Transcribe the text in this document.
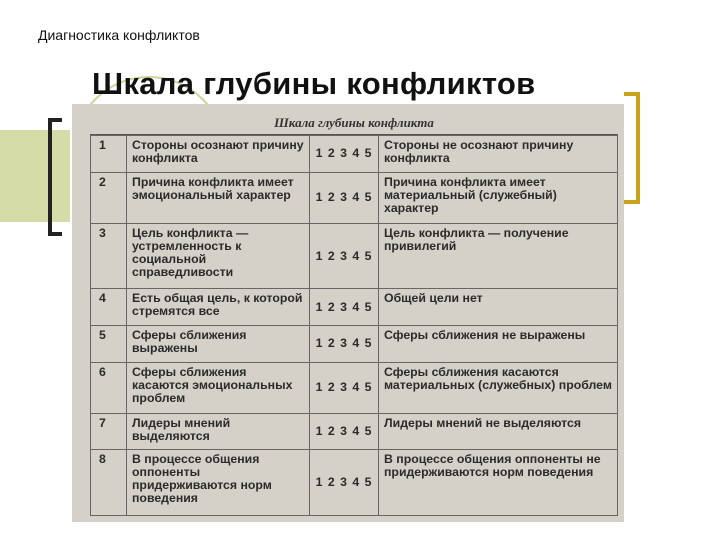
Диагностика конфликтов
Шкала глубины конфликтов
Шкала глубины конфликта
1	Стороны осознают причину конфликта	1 2 3 4 5	Стороны не осознают причину конфликта
2	Причина конфликта имеет эмоциональный характер	1 2 3 4 5	Причина конфликта имеет материальный (служебный) характер
3	Цель конфликта — устремленность к социальной справедливости	1 2 3 4 5	Цель конфликта — получение привилегий
4	Есть общая цель, к которой стремятся все	1 2 3 4 5	Общей цели нет
5	Сферы сближения выражены	1 2 3 4 5	Сферы сближения не выражены
6	Сферы сближения касаются эмоциональных проблем	1 2 3 4 5	Сферы сближения касаются материальных (служебных) проблем
7	Лидеры мнений выделяются	1 2 3 4 5	Лидеры мнений не выделяются
8	В процессе общения оппоненты придерживаются норм поведения	1 2 3 4 5	В процессе общения оппоненты не придерживаются норм поведения
